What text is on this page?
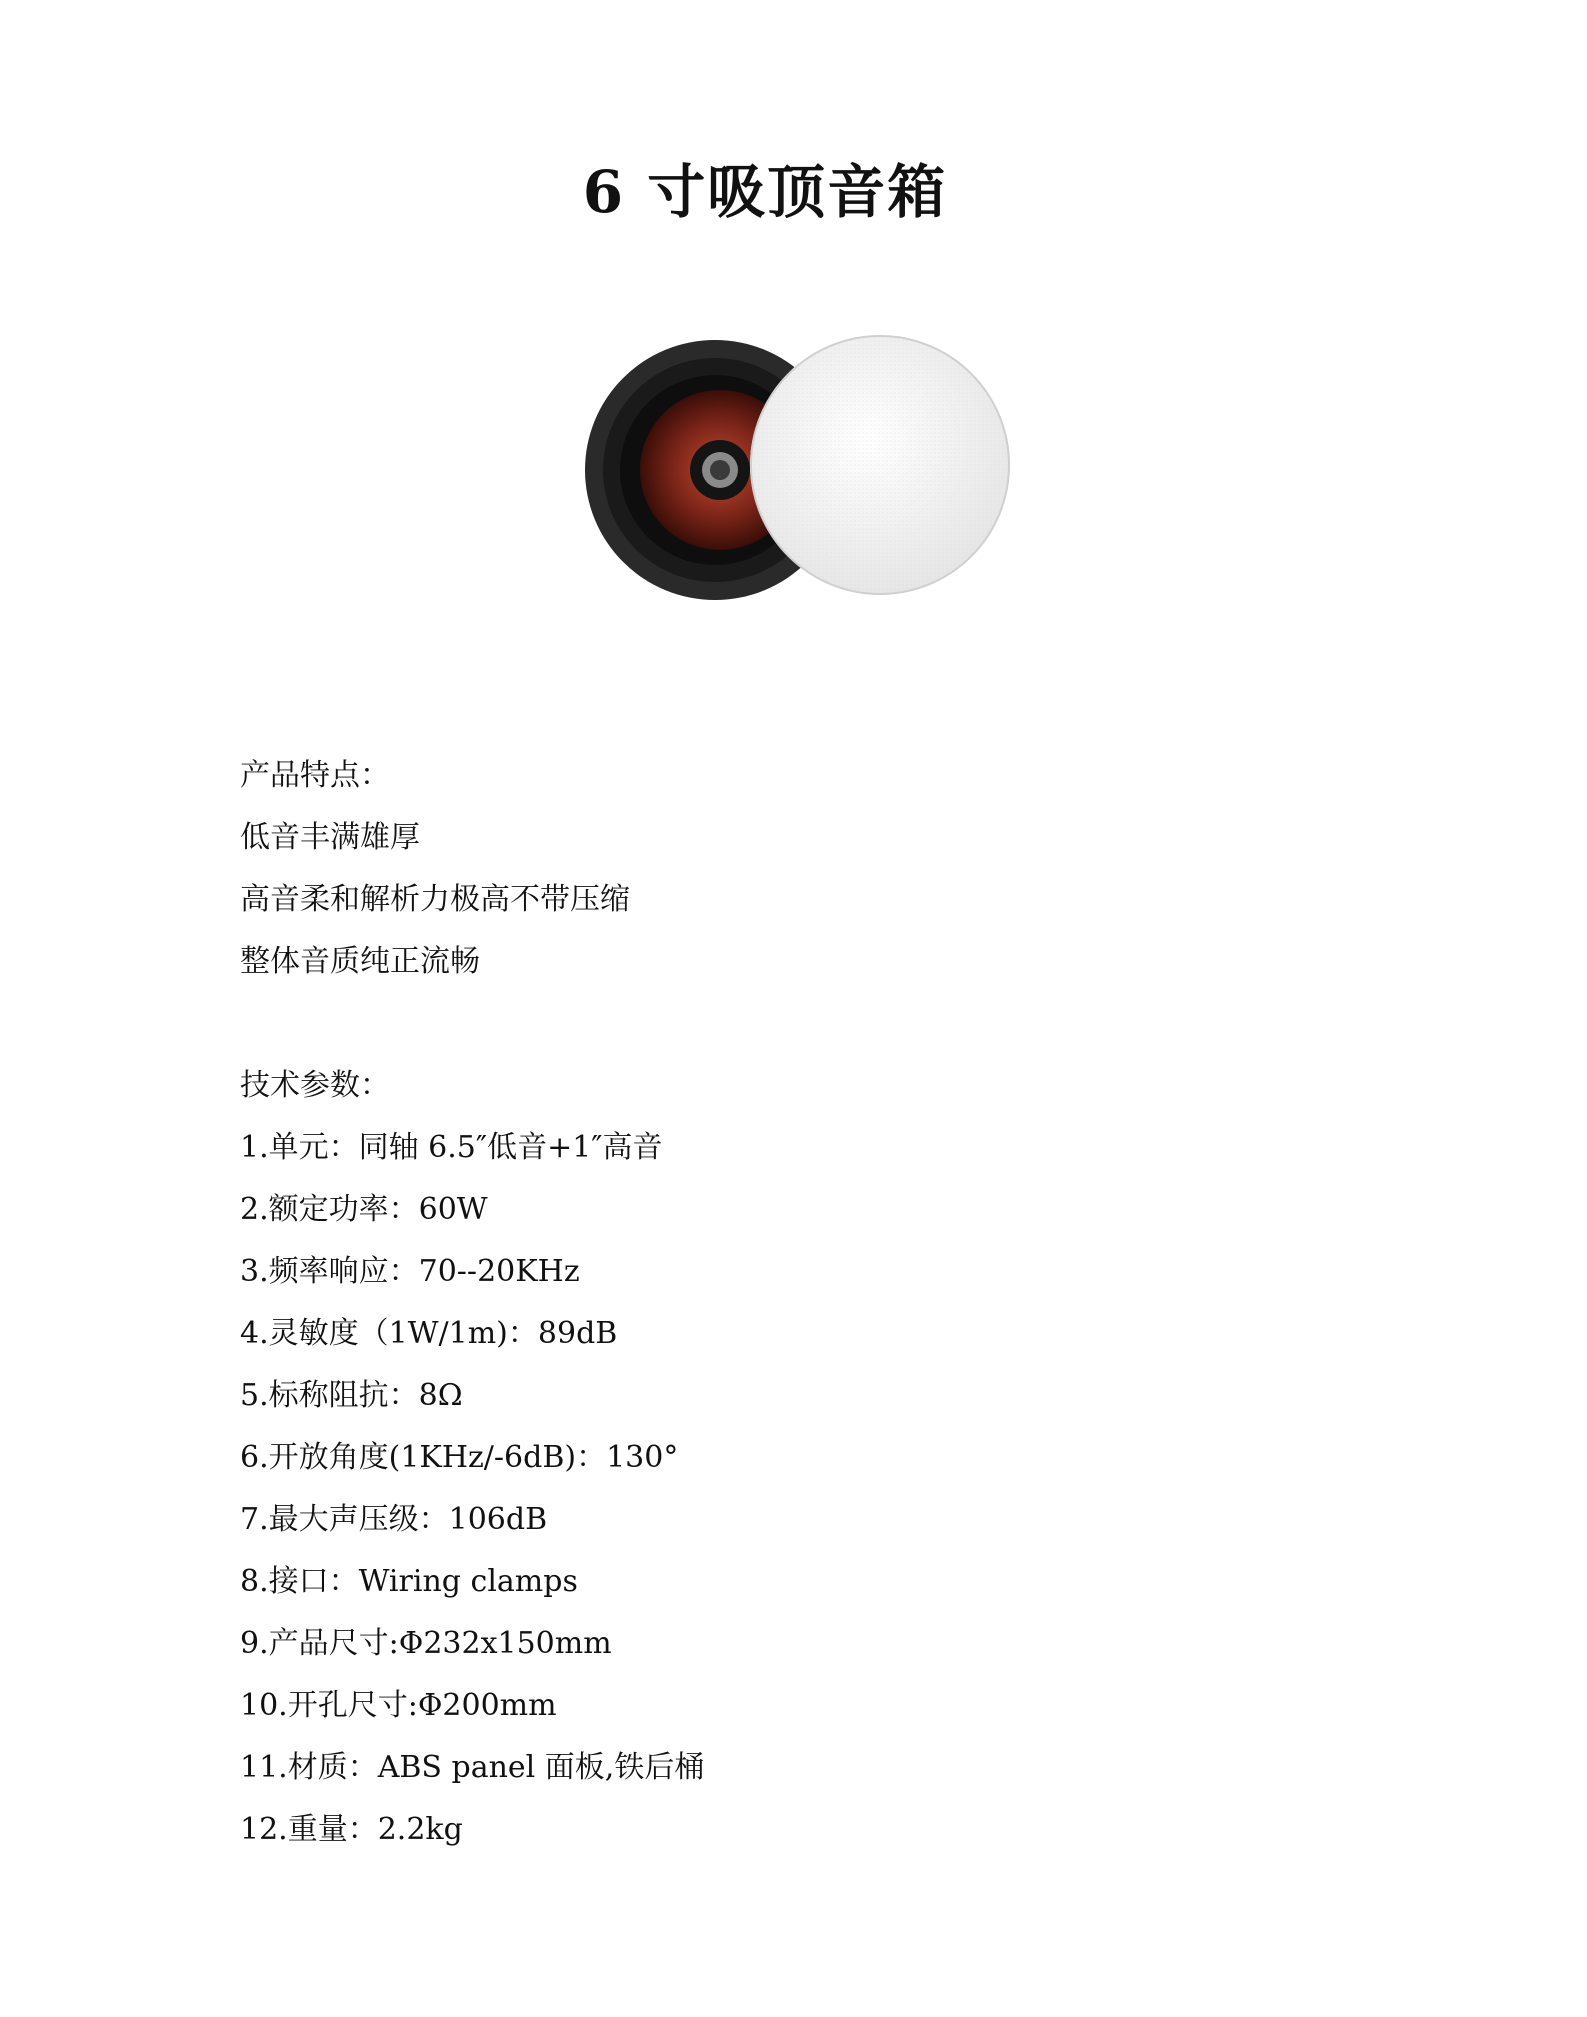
6 寸吸顶音箱
产品特点：
低音丰满雄厚
高音柔和解析力极高不带压缩
整体音质纯正流畅
技术参数：
1.单元：同轴 6.5″低音+1″高音
2.额定功率：60W
3.频率响应：70--20KHz
4.灵敏度（1W/1m)：89dB
5.标称阻抗：8Ω
6.开放角度(1KHz/-6dB)：130°
7.最大声压级：106dB
8.接口：Wiring clamps
9.产品尺寸:Φ232x150mm
10.开孔尺寸:Φ200mm
11.材质：ABS panel 面板,铁后桶
12.重量：2.2kg
